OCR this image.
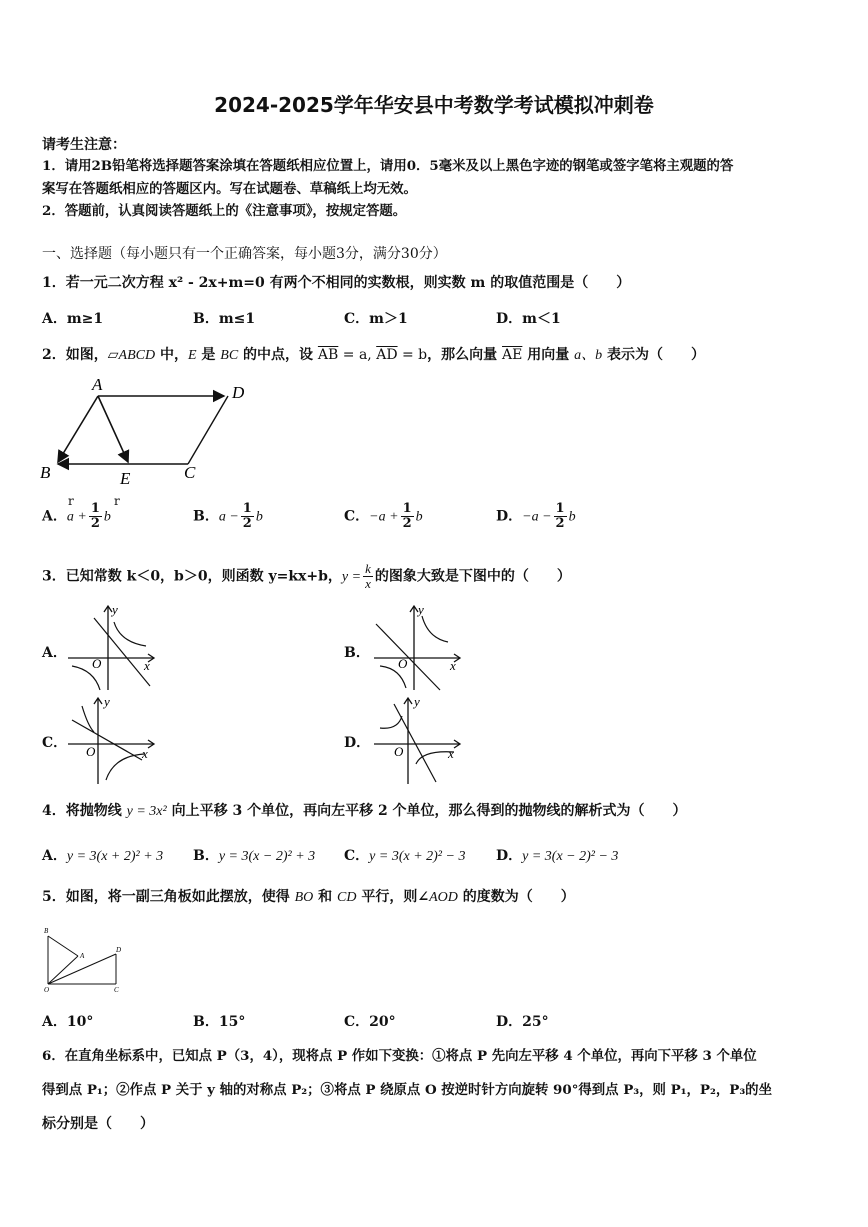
2024-2025学年华安县中考数学考试模拟冲刺卷
请考生注意：
1．请用2B铅笔将选择题答案涂填在答题纸相应位置上，请用0．5毫米及以上黑色字迹的钢笔或签字笔将主观题的答
案写在答题纸相应的答题区内。写在试题卷、草稿纸上均无效。
2．答题前，认真阅读答题纸上的《注意事项》，按规定答题。
一、选择题（每小题只有一个正确答案，每小题3分，满分30分）
1．若一元二次方程 x² - 2x+m=0 有两个不相同的实数根，则实数 m 的取值范围是（　　）
A．m≥1	B．m≤1	C．m＞1	D．m＜1
2．如图，▱ABCD 中，E 是 BC 的中点，设 $\overline{AB} = a$, $\overline{AD} = b$，那么向量 $\overline{AE}$ 用向量 a、b 表示为（　　）
A	D
B	E	C
r	r
A．$a + \frac{1}{2}$ b	B．$a - \frac{1}{2}$ b	C．$-a + \frac{1}{2}$ b	D．$-a - \frac{1}{2}$ b
3．已知常数 k＜0，b＞0，则函数 y=kx+b，$y = \frac{k}{x}$ 的图象大致是下图中的（　　）
A．
y
x
O
B．
y
x
O
C．
y
x
O
D．
y
x
O
4．将抛物线 y = 3x² 向上平移 3 个单位，再向左平移 2 个单位，那么得到的抛物线的解析式为（　　）
A．y = 3(x + 2)² + 3 B．y = 3(x − 2)² + 3 C．y = 3(x + 2)² − 3 D．y = 3(x − 2)² − 3
5．如图，将一副三角板如此摆放，使得 BO 和 CD 平行，则∠AOD 的度数为（　　）
B
A
D
O	C
A．10°	B．15°	C．20°	D．25°
6．在直角坐标系中，已知点 P（3，4），现将点 P 作如下变换：①将点 P 先向左平移 4 个单位，再向下平移 3 个单位
得到点 P₁；②作点 P 关于 y 轴的对称点 P₂；③将点 P 绕原点 O 按逆时针方向旋转 90°得到点 P₃，则 P₁，P₂，P₃的坐
标分别是（　　）
